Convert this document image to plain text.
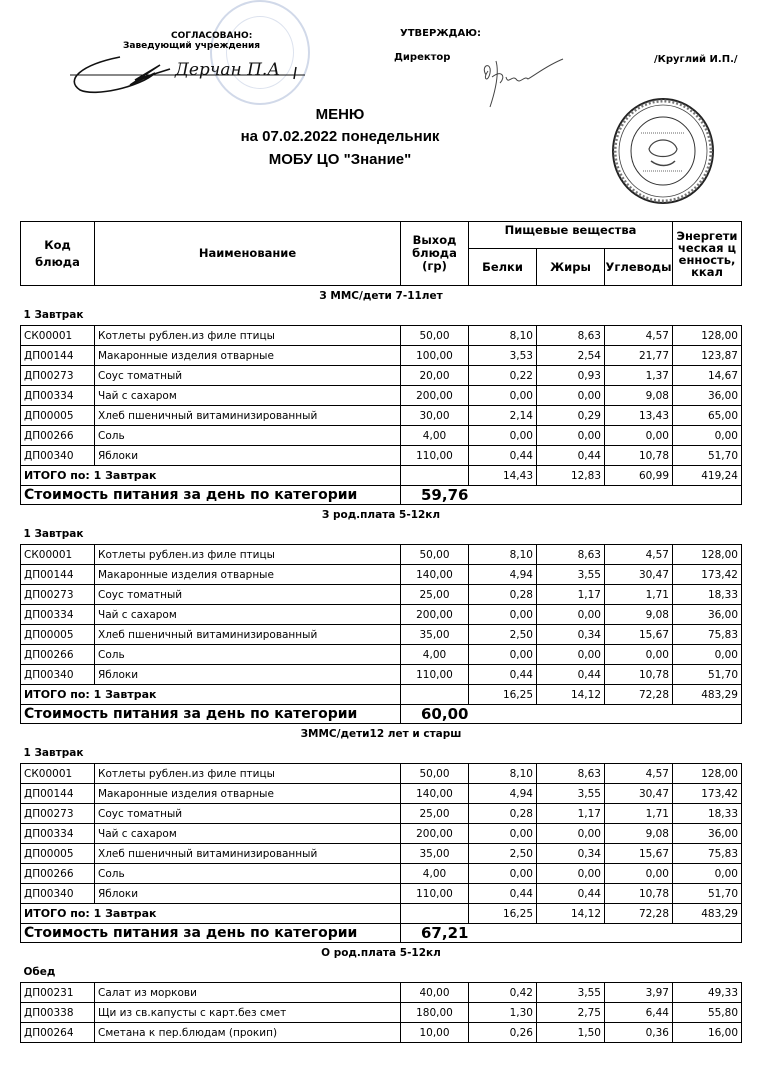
СОГЛАСОВАНО:
Заведующий учреждения
Дерчан П.А
УТВЕРЖДАЮ:
Директор	/Круглий И.П./
МЕНЮ
на 07.02.2022 понедельник
МОБУ ЦО "Знание"
Код блюда	Наименование	Выход блюда (гр)	Пищевые вещества			Энергетическая ценность, ккал
			Белки	Жиры	Углеводы	
З ММС/дети 7-11лет						
1 Завтрак						
СК00001	Котлеты рублен.из филе птицы	50,00	8,10	8,63	4,57	128,00
ДП00144	Макаронные изделия отварные	100,00	3,53	2,54	21,77	123,87
ДП00273	Соус томатный	20,00	0,22	0,93	1,37	14,67
ДП00334	Чай с сахаром	200,00	0,00	0,00	9,08	36,00
ДП00005	Хлеб пшеничный витаминизированный	30,00	2,14	0,29	13,43	65,00
ДП00266	Соль	4,00	0,00	0,00	0,00	0,00
ДП00340	Яблоки	110,00	0,44	0,44	10,78	51,70
ИТОГО по: 1 Завтрак			14,43	12,83	60,99	419,24
Стоимость питания за день по категории		59,76				
З род.плата 5-12кл						
1 Завтрак						
СК00001	Котлеты рублен.из филе птицы	50,00	8,10	8,63	4,57	128,00
ДП00144	Макаронные изделия отварные	140,00	4,94	3,55	30,47	173,42
ДП00273	Соус томатный	25,00	0,28	1,17	1,71	18,33
ДП00334	Чай с сахаром	200,00	0,00	0,00	9,08	36,00
ДП00005	Хлеб пшеничный витаминизированный	35,00	2,50	0,34	15,67	75,83
ДП00266	Соль	4,00	0,00	0,00	0,00	0,00
ДП00340	Яблоки	110,00	0,44	0,44	10,78	51,70
ИТОГО по: 1 Завтрак			16,25	14,12	72,28	483,29
Стоимость питания за день по категории		60,00				
ЗММС/дети12 лет и старш						
1 Завтрак						
СК00001	Котлеты рублен.из филе птицы	50,00	8,10	8,63	4,57	128,00
ДП00144	Макаронные изделия отварные	140,00	4,94	3,55	30,47	173,42
ДП00273	Соус томатный	25,00	0,28	1,17	1,71	18,33
ДП00334	Чай с сахаром	200,00	0,00	0,00	9,08	36,00
ДП00005	Хлеб пшеничный витаминизированный	35,00	2,50	0,34	15,67	75,83
ДП00266	Соль	4,00	0,00	0,00	0,00	0,00
ДП00340	Яблоки	110,00	0,44	0,44	10,78	51,70
ИТОГО по: 1 Завтрак			16,25	14,12	72,28	483,29
Стоимость питания за день по категории		67,21				
О род.плата 5-12кл						
Обед						
ДП00231	Салат из моркови	40,00	0,42	3,55	3,97	49,33
ДП00338	Щи из св.капусты с карт.без смет	180,00	1,30	2,75	6,44	55,80
ДП00264	Сметана к пер.блюдам (прокип)	10,00	0,26	1,50	0,36	16,00
